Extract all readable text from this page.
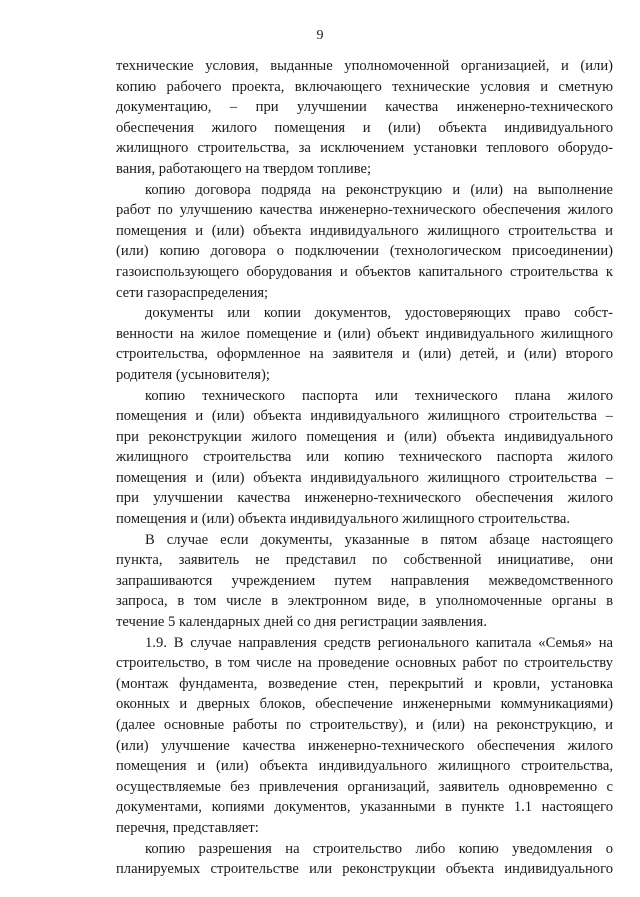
9
технические условия, выданные уполномоченной организацией, и (или)
копию рабочего проекта, включающего технические условия и сметную
документацию, – при улучшении качества инженерно-технического
обеспечения жилого помещения и (или) объекта индивидуального
жилищного строительства, за исключением установки теплового оборудо-
вания, работающего на твердом топливе;
копию договора подряда на реконструкцию и (или) на выполнение
работ по улучшению качества инженерно-технического обеспечения жилого
помещения и (или) объекта индивидуального жилищного строительства и
(или) копию договора о подключении (технологическом присоединении)
газоиспользующего оборудования и объектов капитального строительства к
сети газораспределения;
документы или копии документов, удостоверяющих право собст-
венности на жилое помещение и (или) объект индивидуального жилищного
строительства, оформленное на заявителя и (или) детей, и (или) второго
родителя (усыновителя);
копию технического паспорта или технического плана жилого
помещения и (или) объекта индивидуального жилищного строительства –
при реконструкции жилого помещения и (или) объекта индивидуального
жилищного строительства или копию технического паспорта жилого
помещения и (или) объекта индивидуального жилищного строительства –
при улучшении качества инженерно-технического обеспечения жилого
помещения и (или) объекта индивидуального жилищного строительства.
В случае если документы, указанные в пятом абзаце настоящего
пункта, заявитель не представил по собственной инициативе, они
запрашиваются учреждением путем направления межведомственного
запроса, в том числе в электронном виде, в уполномоченные органы в
течение 5 календарных дней со дня регистрации заявления.
1.9. В случае направления средств регионального капитала «Семья» на
строительство, в том числе на проведение основных работ по строительству
(монтаж фундамента, возведение стен, перекрытий и кровли, установка
оконных и дверных блоков, обеспечение инженерными коммуникациями)
(далее основные работы по строительству), и (или) на реконструкцию, и
(или) улучшение качества инженерно-технического обеспечения жилого
помещения и (или) объекта индивидуального жилищного строительства,
осуществляемые без привлечения организаций, заявитель одновременно с
документами, копиями документов, указанными в пункте 1.1 настоящего
перечня, представляет:
копию разрешения на строительство либо копию уведомления о
планируемых строительстве или реконструкции объекта индивидуального
